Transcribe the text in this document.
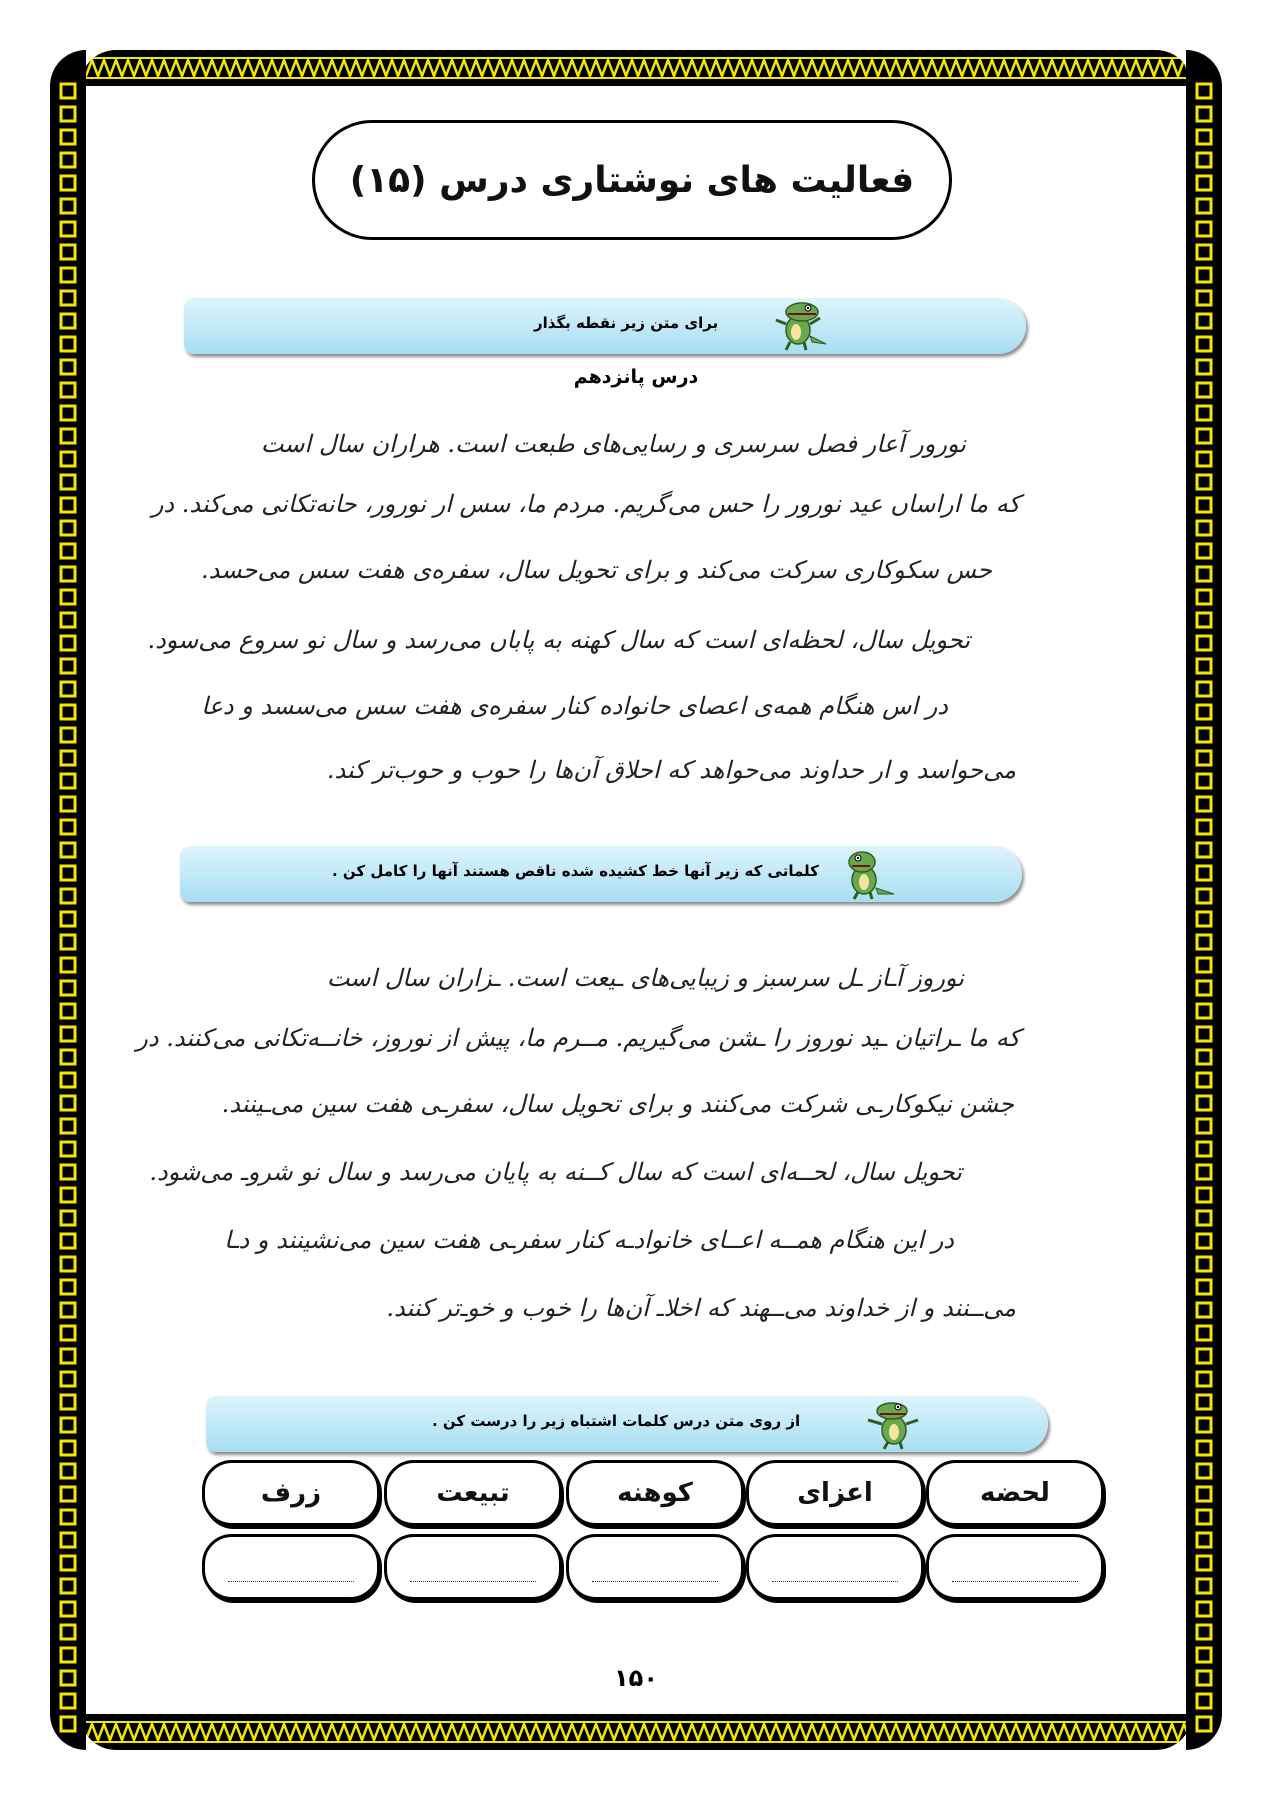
فعالیت های نوشتاری درس (۱۵)
برای متن زیر نقطه بگذار
درس پانزدهم
نورور آعار فصل سرسری و رسایی‌های طبعت است. هراران سال است
که ما اراساں عید نورور را حس می‌گریم. مردم ما، سس ار نورور، حانه‌تکانی می‌کند. در
حس سکوکاری سرکت می‌کند و برای تحویل سال، سفره‌ی هفت سس می‌حسد.
تحویل سال، لحظه‌ای است که سال کهنه به پاباں می‌رسد و سال نو سروع می‌سود.
در اس هنگام همه‌ی اعصای حانواده کنار سفره‌ی هفت سس می‌سسد و دعا
می‌حواسد و ار حداوند می‌حواهد که احلاق آن‌ها را حوب و حوب‌تر کند.
کلماتی که زیر آنها خط کشیده شده ناقص هستند آنها را کامل کن .
نوروز آ‌ـاز ـل سرسبز و زیبایی‌های ‌ـیعت است. ‌ـزاران سال است
که ما ‌ـراتیان ‌ـید نوروز را ‌ـشن می‌گیریم. مـ‌ـرم ما، پیش از نوروز، خانـ‌ـه‌تکانی می‌کنند. در
جشن نیکوکار‌ـی شرکت می‌کنند و برای تحویل سال، سفر‌ـی هفت سین می‌ـینند.
تحویل سال، لحـ‌ـه‌ای است که سال کـ‌ـنه به پایان می‌رسد و سال نو شرو‌ـ می‌شود.
در این هنگام همـ‌ـه اعـ‌ـای خانواد‌ـه کنار سفر‌ـی هفت سین می‌نشینند و د‌ـا
می‌ـ‌ـنند و از خداوند می‌ـ‌ـهند که اخلا‌ـ آن‌ها را خوب و خو‌ـ‌تر کنند.
از روی متن درس کلمات اشتباه زیر را درست کن .
لحضه
اعزای
کوهنه
تبیعت
زرف
۱۵۰
